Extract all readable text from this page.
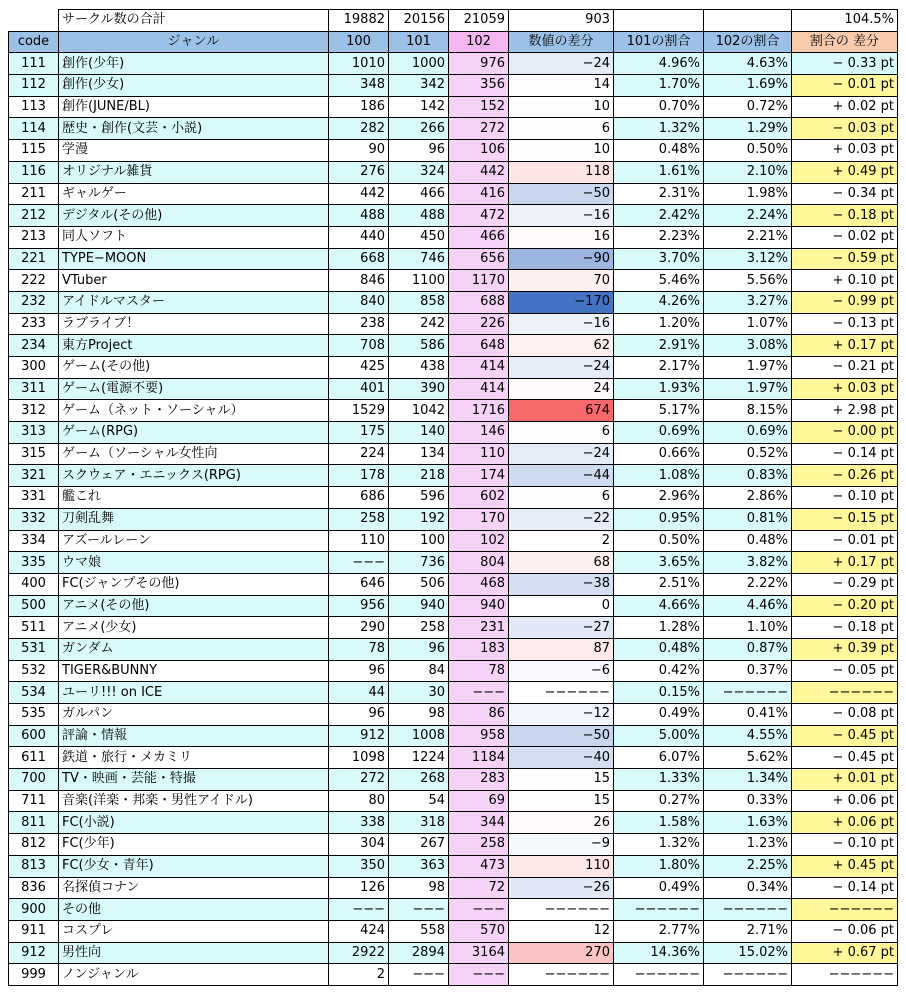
	サークル数の合計	19882	20156	21059	903			104.5%
code	ジャンル	100	101	102	数値の差分	101の割合	102の割合	割合の 差分
111	創作(少年)	1010	1000	976	−24	4.96%	4.63%	− 0.33 pt
112	創作(少女)	348	342	356	14	1.70%	1.69%	− 0.01 pt
113	創作(JUNE/BL)	186	142	152	10	0.70%	0.72%	+ 0.02 pt
114	歴史・創作(文芸・小説)	282	266	272	6	1.32%	1.29%	− 0.03 pt
115	学漫	90	96	106	10	0.48%	0.50%	+ 0.03 pt
116	オリジナル雑貨	276	324	442	118	1.61%	2.10%	+ 0.49 pt
211	ギャルゲー	442	466	416	−50	2.31%	1.98%	− 0.34 pt
212	デジタル(その他)	488	488	472	−16	2.42%	2.24%	− 0.18 pt
213	同人ソフト	440	450	466	16	2.23%	2.21%	− 0.02 pt
221	TYPE−MOON	668	746	656	−90	3.70%	3.12%	− 0.59 pt
222	VTuber	846	1100	1170	70	5.46%	5.56%	+ 0.10 pt
232	アイドルマスター	840	858	688	−170	4.26%	3.27%	− 0.99 pt
233	ラブライブ！	238	242	226	−16	1.20%	1.07%	− 0.13 pt
234	東方Project	708	586	648	62	2.91%	3.08%	+ 0.17 pt
300	ゲーム(その他)	425	438	414	−24	2.17%	1.97%	− 0.21 pt
311	ゲーム(電源不要)	401	390	414	24	1.93%	1.97%	+ 0.03 pt
312	ゲーム（ネット・ソーシャル）	1529	1042	1716	674	5.17%	8.15%	+ 2.98 pt
313	ゲーム(RPG)	175	140	146	6	0.69%	0.69%	− 0.00 pt
315	ゲーム（ソーシャル女性向	224	134	110	−24	0.66%	0.52%	− 0.14 pt
321	スクウェア・エニックス(RPG)	178	218	174	−44	1.08%	0.83%	− 0.26 pt
331	艦これ	686	596	602	6	2.96%	2.86%	− 0.10 pt
332	刀剣乱舞	258	192	170	−22	0.95%	0.81%	− 0.15 pt
334	アズールレーン	110	100	102	2	0.50%	0.48%	− 0.01 pt
335	ウマ娘	−−−	736	804	68	3.65%	3.82%	+ 0.17 pt
400	FC(ジャンプその他)	646	506	468	−38	2.51%	2.22%	− 0.29 pt
500	アニメ(その他)	956	940	940	0	4.66%	4.46%	− 0.20 pt
511	アニメ(少女)	290	258	231	−27	1.28%	1.10%	− 0.18 pt
531	ガンダム	78	96	183	87	0.48%	0.87%	+ 0.39 pt
532	TIGER&BUNNY	96	84	78	−6	0.42%	0.37%	− 0.05 pt
534	ユーリ!!! on ICE	44	30	−−−	−−−−−−	0.15%	−−−−−−	−−−−−−
535	ガルパン	96	98	86	−12	0.49%	0.41%	− 0.08 pt
600	評論・情報	912	1008	958	−50	5.00%	4.55%	− 0.45 pt
611	鉄道・旅行・メカミリ	1098	1224	1184	−40	6.07%	5.62%	− 0.45 pt
700	TV・映画・芸能・特撮	272	268	283	15	1.33%	1.34%	+ 0.01 pt
711	音楽(洋楽・邦楽・男性アイドル)	80	54	69	15	0.27%	0.33%	+ 0.06 pt
811	FC(小説)	338	318	344	26	1.58%	1.63%	+ 0.06 pt
812	FC(少年)	304	267	258	−9	1.32%	1.23%	− 0.10 pt
813	FC(少女・青年)	350	363	473	110	1.80%	2.25%	+ 0.45 pt
836	名探偵コナン	126	98	72	−26	0.49%	0.34%	− 0.14 pt
900	その他	−−−	−−−	−−−	−−−−−−	−−−−−−	−−−−−−	−−−−−−
911	コスプレ	424	558	570	12	2.77%	2.71%	− 0.06 pt
912	男性向	2922	2894	3164	270	14.36%	15.02%	+ 0.67 pt
999	ノンジャンル	2	−−−	−−−	−−−−−−	−−−−−−	−−−−−−	−−−−−−
